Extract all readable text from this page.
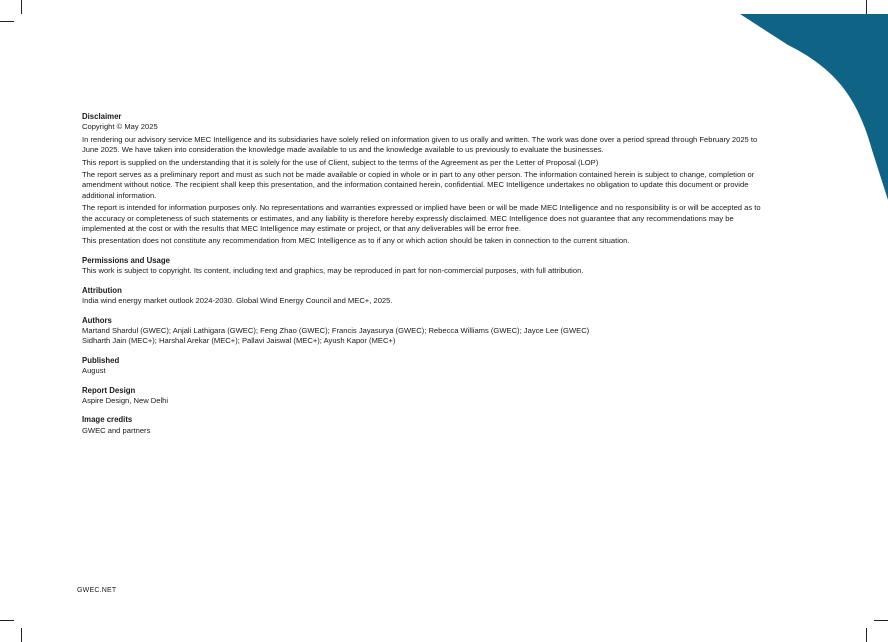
Disclaimer

Copyright © May 2025

In rendering our advisory service MEC Intelligence and its subsidiaries have solely relied on information given to us orally and written. The work was done over a period spread through February 2025 to June 2025. We have taken into consideration the knowledge made available to us and the knowledge available to us previously to evaluate the businesses.

This report is supplied on the understanding that it is solely for the use of Client, subject to the terms of the Agreement as per the Letter of Proposal (LOP)

The report serves as a preliminary report and must as such not be made available or copied in whole or in part to any other person. The information contained herein is subject to change, completion or amendment without notice. The recipient shall keep this presentation, and the information contained herein, confidential. MEC Intelligence undertakes no obligation to update this document or provide additional information.

The report is intended for information purposes only. No representations and warranties expressed or implied have been or will be made MEC Intelligence and no responsibility is or will be accepted as to the accuracy or completeness of such statements or estimates, and any liability is therefore hereby expressly disclaimed. MEC Intelligence does not guarantee that any recommendations may be implemented at the cost or with the results that MEC Intelligence may estimate or project, or that any deliverables will be error free.

This presentation does not constitute any recommendation from MEC Intelligence as to if any or which action should be taken in connection to the current situation.

Permissions and Usage

This work is subject to copyright. Its content, including text and graphics, may be reproduced in part for non-commercial purposes, with full attribution.

Attribution

India wind energy market outlook 2024-2030. Global Wind Energy Council and MEC+, 2025.

Authors

Martand Shardul (GWEC); Anjali Lathigara (GWEC); Feng Zhao (GWEC); Francis Jayasurya (GWEC); Rebecca Williams (GWEC); Jayce Lee (GWEC)

Sidharth Jain (MEC+); Harshal Arekar (MEC+); Pallavi Jaiswal (MEC+); Ayush Kapor (MEC+)

Published

August

Report Design

Aspire Design, New Delhi

Image credits

GWEC and partners

GWEC.NET
